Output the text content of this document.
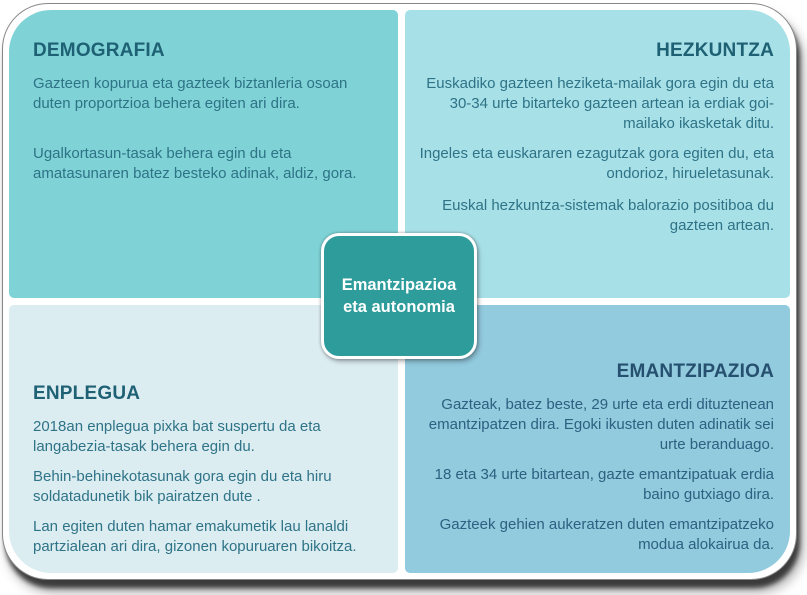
DEMOGRAFIA

Gazteen kopurua eta gazteek biztanleria osoan duten proportzioa behera egiten ari dira.

Ugalkortasun-tasak behera egin du eta amatasunaren batez besteko adinak, aldiz, gora.

HEZKUNTZA

Euskadiko gazteen heziketa-mailak gora egin du eta 30-34 urte bitarteko gazteen artean ia erdiak goi-mailako ikasketak ditu.

Ingeles eta euskararen ezagutzak gora egiten du, eta ondorioz, hirueletasunak.

Euskal hezkuntza-sistemak balorazio positiboa du gazteen artean.

ENPLEGUA

2018an enplegua pixka bat suspertu da eta langabezia-tasak behera egin du.

Behin-behinekotasunak gora egin du eta hiru soldatadunetik bik pairatzen dute .

Lan egiten duten hamar emakumetik lau lanaldi partzialean ari dira, gizonen kopuruaren bikoitza.

EMANTZIPAZIOA

Gazteak, batez beste, 29 urte eta erdi dituztenean emantzipatzen dira. Egoki ikusten duten adinatik sei urte beranduago.

18 eta 34 urte bitartean, gazte emantzipatuak erdia baino gutxiago dira.

Gazteek gehien aukeratzen duten emantzipatzeko modua alokairua da.

Emantzipazioa
eta autonomia
